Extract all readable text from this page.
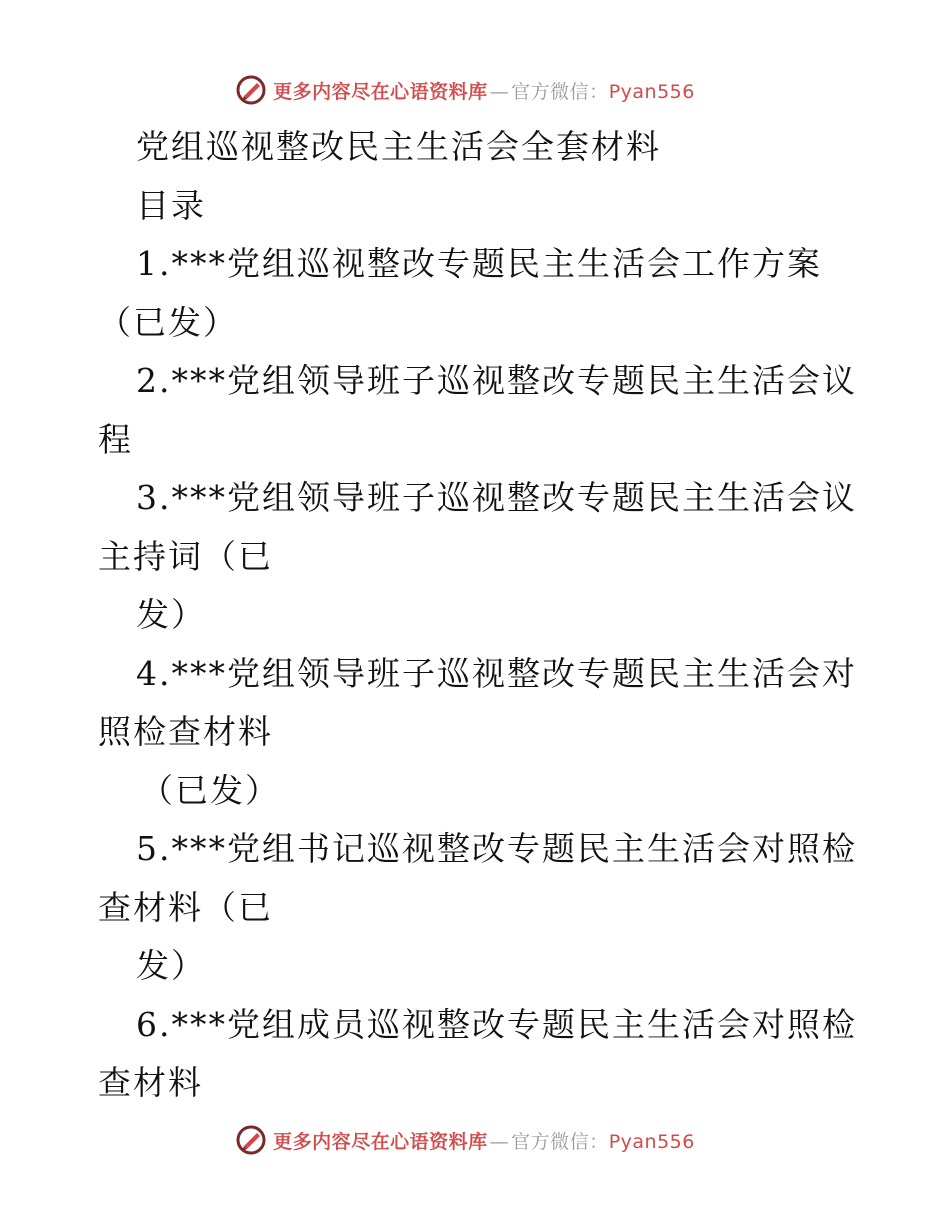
更多内容尽在心语资料库 — 官方微信：Pyan556
党组巡视整改民主生活会全套材料
目录
1.***党组巡视整改专题民主生活会工作方案
（已发）
2.***党组领导班子巡视整改专题民主生活会议
程
3.***党组领导班子巡视整改专题民主生活会议
主持词（已
发）
4.***党组领导班子巡视整改专题民主生活会对
照检查材料
（已发）
5.***党组书记巡视整改专题民主生活会对照检
查材料（已
发）
6.***党组成员巡视整改专题民主生活会对照检
查材料
更多内容尽在心语资料库 — 官方微信：Pyan556
